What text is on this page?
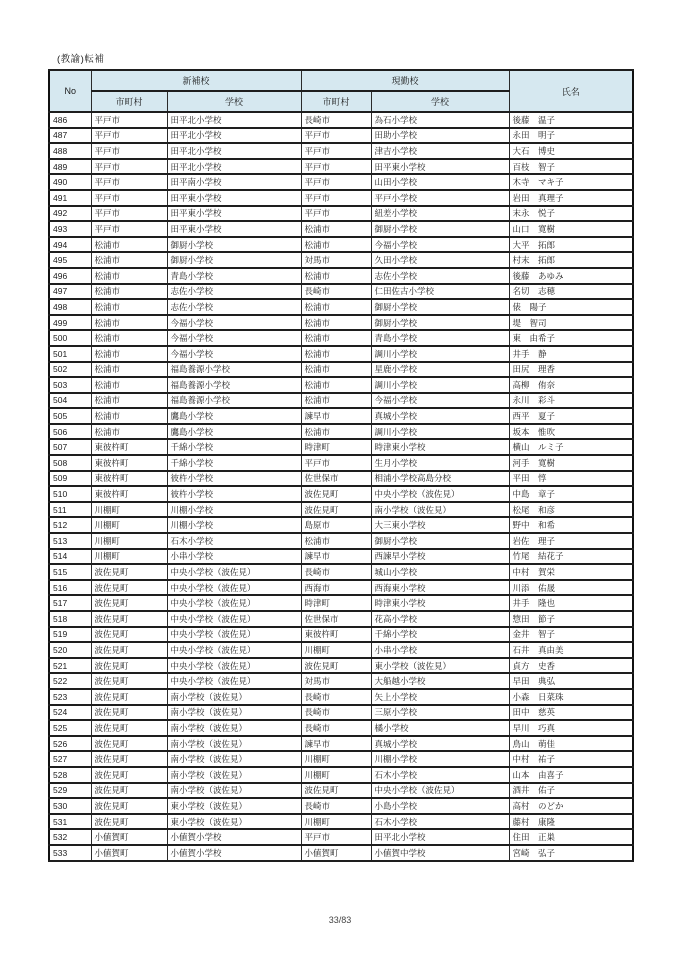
(教諭)転補
No	新補校		現勤校		氏名
	市町村	学校	市町村	学校	
486	平戸市	田平北小学校	長崎市	為石小学校	後藤　温子
487	平戸市	田平北小学校	平戸市	田助小学校	永田　明子
488	平戸市	田平北小学校	平戸市	津吉小学校	大石　博史
489	平戸市	田平北小学校	平戸市	田平東小学校	百枝　智子
490	平戸市	田平南小学校	平戸市	山田小学校	木寺　マキ子
491	平戸市	田平東小学校	平戸市	平戸小学校	岩田　真理子
492	平戸市	田平東小学校	平戸市	紐差小学校	末永　悦子
493	平戸市	田平東小学校	松浦市	御厨小学校	山口　寛樹
494	松浦市	御厨小学校	松浦市	今福小学校	大平　拓郎
495	松浦市	御厨小学校	対馬市	久田小学校	村末　拓郎
496	松浦市	青島小学校	松浦市	志佐小学校	後藤　あゆみ
497	松浦市	志佐小学校	長崎市	仁田佐古小学校	名切　志穂
498	松浦市	志佐小学校	松浦市	御厨小学校	俵　陽子
499	松浦市	今福小学校	松浦市	御厨小学校	堤　智司
500	松浦市	今福小学校	松浦市	青島小学校	東　由希子
501	松浦市	今福小学校	松浦市	調川小学校	井手　静
502	松浦市	福島養源小学校	松浦市	星鹿小学校	田尻　理香
503	松浦市	福島養源小学校	松浦市	調川小学校	高柳　侑奈
504	松浦市	福島養源小学校	松浦市	今福小学校	永川　彩斗
505	松浦市	鷹島小学校	諫早市	真城小学校	西平　夏子
506	松浦市	鷹島小学校	松浦市	調川小学校	坂本　惟吹
507	東彼杵町	千綿小学校	時津町	時津東小学校	横山　ルミ子
508	東彼杵町	千綿小学校	平戸市	生月小学校	河手　寛樹
509	東彼杵町	彼杵小学校	佐世保市	相浦小学校高島分校	平田　惇
510	東彼杵町	彼杵小学校	波佐見町	中央小学校（波佐見）	中島　章子
511	川棚町	川棚小学校	波佐見町	南小学校（波佐見）	松尾　和彦
512	川棚町	川棚小学校	島原市	大三東小学校	野中　和希
513	川棚町	石木小学校	松浦市	御厨小学校	岩佐　理子
514	川棚町	小串小学校	諫早市	西諫早小学校	竹尾　結花子
515	波佐見町	中央小学校（波佐見）	長崎市	城山小学校	中村　賀栄
516	波佐見町	中央小学校（波佐見）	西海市	西海東小学校	川添　佑晟
517	波佐見町	中央小学校（波佐見）	時津町	時津東小学校	井手　隆也
518	波佐見町	中央小学校（波佐見）	佐世保市	花高小学校	惣田　節子
519	波佐見町	中央小学校（波佐見）	東彼杵町	千綿小学校	金井　智子
520	波佐見町	中央小学校（波佐見）	川棚町	小串小学校	石井　真由美
521	波佐見町	中央小学校（波佐見）	波佐見町	東小学校（波佐見）	貞方　史香
522	波佐見町	中央小学校（波佐見）	対馬市	大船越小学校	早田　典弘
523	波佐見町	南小学校（波佐見）	長崎市	矢上小学校	小森　日菜珠
524	波佐見町	南小学校（波佐見）	長崎市	三原小学校	田中　慈英
525	波佐見町	南小学校（波佐見）	長崎市	橘小学校	早川　巧真
526	波佐見町	南小学校（波佐見）	諫早市	真城小学校	鳥山　萌佳
527	波佐見町	南小学校（波佐見）	川棚町	川棚小学校	中村　祐子
528	波佐見町	南小学校（波佐見）	川棚町	石木小学校	山本　由喜子
529	波佐見町	南小学校（波佐見）	波佐見町	中央小学校（波佐見）	酒井　佑子
530	波佐見町	東小学校（波佐見）	長崎市	小島小学校	高村　のどか
531	波佐見町	東小学校（波佐見）	川棚町	石木小学校	藤村　康隆
532	小値賀町	小値賀小学校	平戸市	田平北小学校	住田　正巣
533	小値賀町	小値賀小学校	小値賀町	小値賀中学校	宮崎　弘子
33/83
